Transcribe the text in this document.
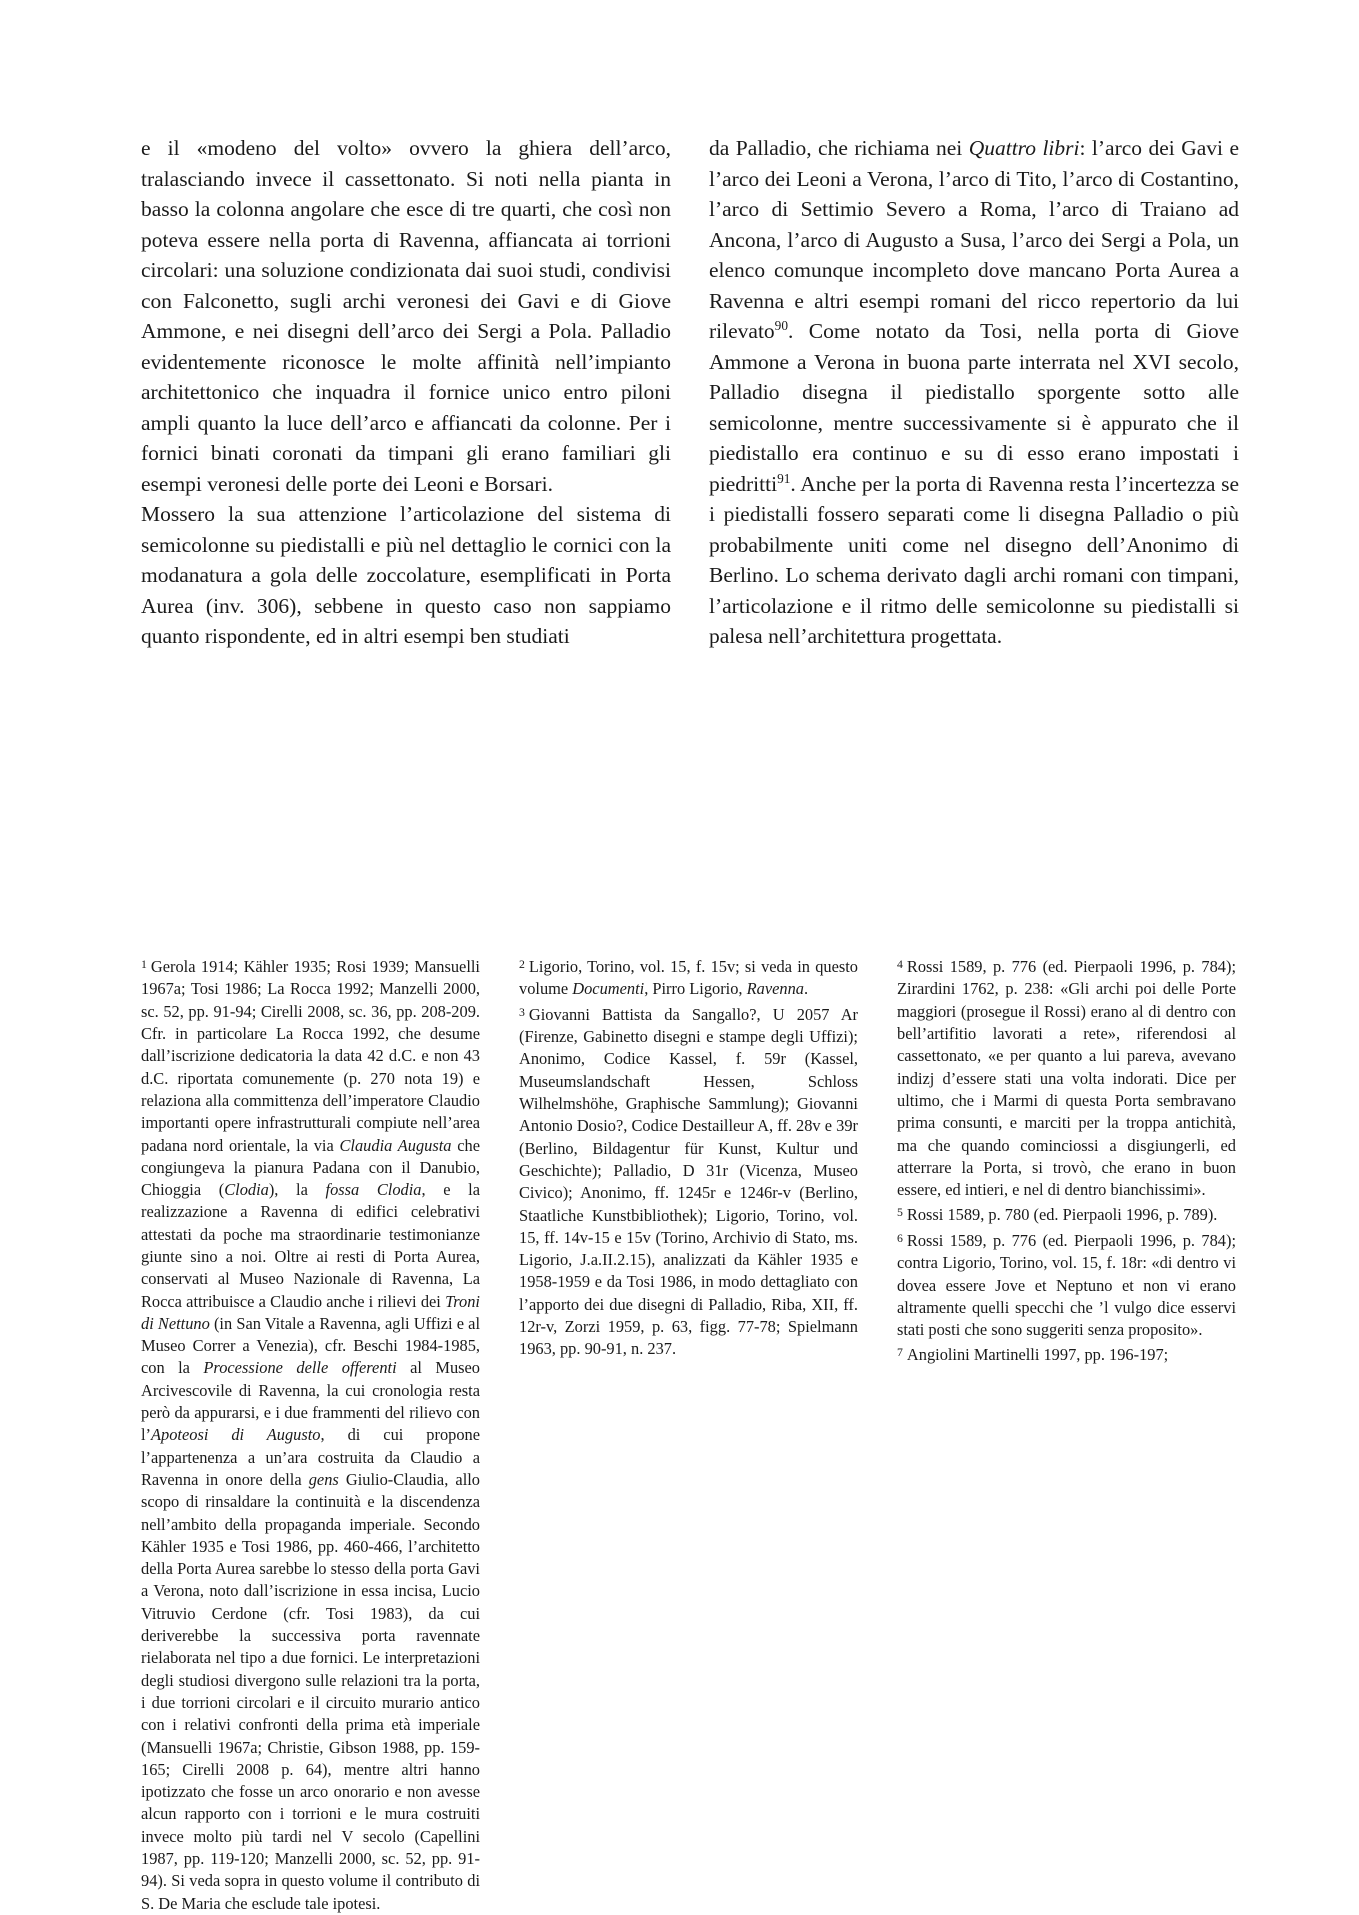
e il «modeno del volto» ovvero la ghiera dell’arco, tralasciando invece il cassettonato. Si noti nella pianta in basso la colonna angolare che esce di tre quarti, che così non poteva essere nella porta di Ravenna, affiancata ai torrioni circolari: una soluzione condizionata dai suoi studi, condivisi con Falconetto, sugli archi veronesi dei Gavi e di Giove Ammone, e nei disegni dell’arco dei Sergi a Pola. Palladio evidentemente riconosce le molte affinità nell’impianto architettonico che inquadra il fornice unico entro piloni ampli quanto la luce dell’arco e affiancati da colonne. Per i fornici binati coronati da timpani gli erano familiari gli esempi veronesi delle porte dei Leoni e Borsari.

Mossero la sua attenzione l’articolazione del sistema di semicolonne su piedistalli e più nel dettaglio le cornici con la modanatura a gola delle zoccolature, esemplificati in Porta Aurea (inv. 306), sebbene in questo caso non sappiamo quanto rispondente, ed in altri esempi ben studiati

da Palladio, che richiama nei Quattro libri: l’arco dei Gavi e l’arco dei Leoni a Verona, l’arco di Tito, l’arco di Costantino, l’arco di Settimio Severo a Roma, l’arco di Traiano ad Ancona, l’arco di Augusto a Susa, l’arco dei Sergi a Pola, un elenco comunque incompleto dove mancano Porta Aurea a Ravenna e altri esempi romani del ricco repertorio da lui rilevato$^{90}$. Come notato da Tosi, nella porta di Giove Ammone a Verona in buona parte interrata nel XVI secolo, Palladio disegna il piedistallo sporgente sotto alle semicolonne, mentre successivamente si è appurato che il piedistallo era continuo e su di esso erano impostati i piedritti$^{91}$. Anche per la porta di Ravenna resta l’incertezza se i piedistalli fossero separati come li disegna Palladio o più probabilmente uniti come nel disegno dell’Anonimo di Berlino. Lo schema derivato dagli archi romani con timpani, l’articolazione e il ritmo delle semicolonne su piedistalli si palesa nell’architettura progettata.

$^1$ Gerola 1914; Kähler 1935; Rosi 1939; Mansuelli 1967a; Tosi 1986; La Rocca 1992; Manzelli 2000, sc. 52, pp. 91-94; Cirelli 2008, sc. 36, pp. 208-209. Cfr. in particolare La Rocca 1992, che desume dall’iscrizione dedicatoria la data 42 d.C. e non 43 d.C. riportata comunemente (p. 270 nota 19) e relaziona alla committenza dell’imperatore Claudio importanti opere infrastrutturali compiute nell’area padana nord orientale, la via Claudia Augusta che congiungeva la pianura Padana con il Danubio, Chioggia (Clodia), la fossa Clodia, e la realizzazione a Ravenna di edifici celebrativi attestati da poche ma straordinarie testimonianze giunte sino a noi. Oltre ai resti di Porta Aurea, conservati al Museo Nazionale di Ravenna, La Rocca attribuisce a Claudio anche i rilievi dei Troni di Nettuno (in San Vitale a Ravenna, agli Uffizi e al Museo Correr a Venezia), cfr. Beschi 1984-1985, con la Processione delle offerenti al Museo Arcivescovile di Ravenna, la cui cronologia resta però da appurarsi, e i due frammenti del rilievo con l’Apoteosi di Augusto, di cui propone l’appartenenza a un’ara costruita da Claudio a Ravenna in onore della gens Giulio-Claudia, allo scopo di rinsaldare la continuità e la discendenza nell’ambito della propaganda imperiale. Secondo Kähler 1935 e Tosi 1986, pp. 460-466, l’architetto della Porta Aurea sarebbe lo stesso della porta Gavi a Verona, noto dall’iscrizione in essa incisa, Lucio Vitruvio Cerdone (cfr. Tosi 1983), da cui deriverebbe la successiva porta ravennate rielaborata nel tipo a due fornici. Le interpretazioni degli studiosi divergono sulle relazioni tra la porta, i due torrioni circolari e il circuito murario antico con i relativi confronti della prima età imperiale (Mansuelli 1967a; Christie, Gibson 1988, pp. 159-165; Cirelli 2008 p. 64), mentre altri hanno ipotizzato che fosse un arco onorario e non avesse alcun rapporto con i torrioni e le mura costruiti invece molto più tardi nel V secolo (Capellini 1987, pp. 119-120; Manzelli 2000, sc. 52, pp. 91-94). Si veda sopra in questo volume il contributo di S. De Maria che esclude tale ipotesi.

$^2$ Ligorio, Torino, vol. 15, f. 15v; si veda in questo volume Documenti, Pirro Ligorio, Ravenna.

$^3$ Giovanni Battista da Sangallo?, U 2057 Ar (Firenze, Gabinetto disegni e stampe degli Uffizi); Anonimo, Codice Kassel, f. 59r (Kassel, Museumslandschaft Hessen, Schloss Wilhelmshöhe, Graphische Sammlung); Giovanni Antonio Dosio?, Codice Destailleur A, ff. 28v e 39r (Berlino, Bildagentur für Kunst, Kultur und Geschichte); Palladio, D 31r (Vicenza, Museo Civico); Anonimo, ff. 1245r e 1246r-v (Berlino, Staatliche Kunstbibliothek); Ligorio, Torino, vol. 15, ff. 14v-15 e 15v (Torino, Archivio di Stato, ms. Ligorio, J.a.II.2.15), analizzati da Kähler 1935 e 1958-1959 e da Tosi 1986, in modo dettagliato con l’apporto dei due disegni di Palladio, Riba, XII, ff. 12r-v, Zorzi 1959, p. 63, figg. 77-78; Spielmann 1963, pp. 90-91, n. 237.

$^4$ Rossi 1589, p. 776 (ed. Pierpaoli 1996, p. 784); Zirardini 1762, p. 238: «Gli archi poi delle Porte maggiori (prosegue il Rossi) erano al di dentro con bell’artifitio lavorati a rete», riferendosi al cassettonato, «e per quanto a lui pareva, avevano indizj d’essere stati una volta indorati. Dice per ultimo, che i Marmi di questa Porta sembravano prima consunti, e marciti per la troppa antichità, ma che quando cominciossi a disgiungerli, ed atterrare la Porta, si trovò, che erano in buon essere, ed intieri, e nel di dentro bianchissimi».

$^5$ Rossi 1589, p. 780 (ed. Pierpaoli 1996, p. 789).

$^6$ Rossi 1589, p. 776 (ed. Pierpaoli 1996, p. 784); contra Ligorio, Torino, vol. 15, f. 18r: «di dentro vi dovea essere Jove et Neptuno et non vi erano altramente quelli specchi che ’l vulgo dice esservi stati posti che sono suggeriti senza proposito».

$^7$ Angiolini Martinelli 1997, pp. 196-197;
